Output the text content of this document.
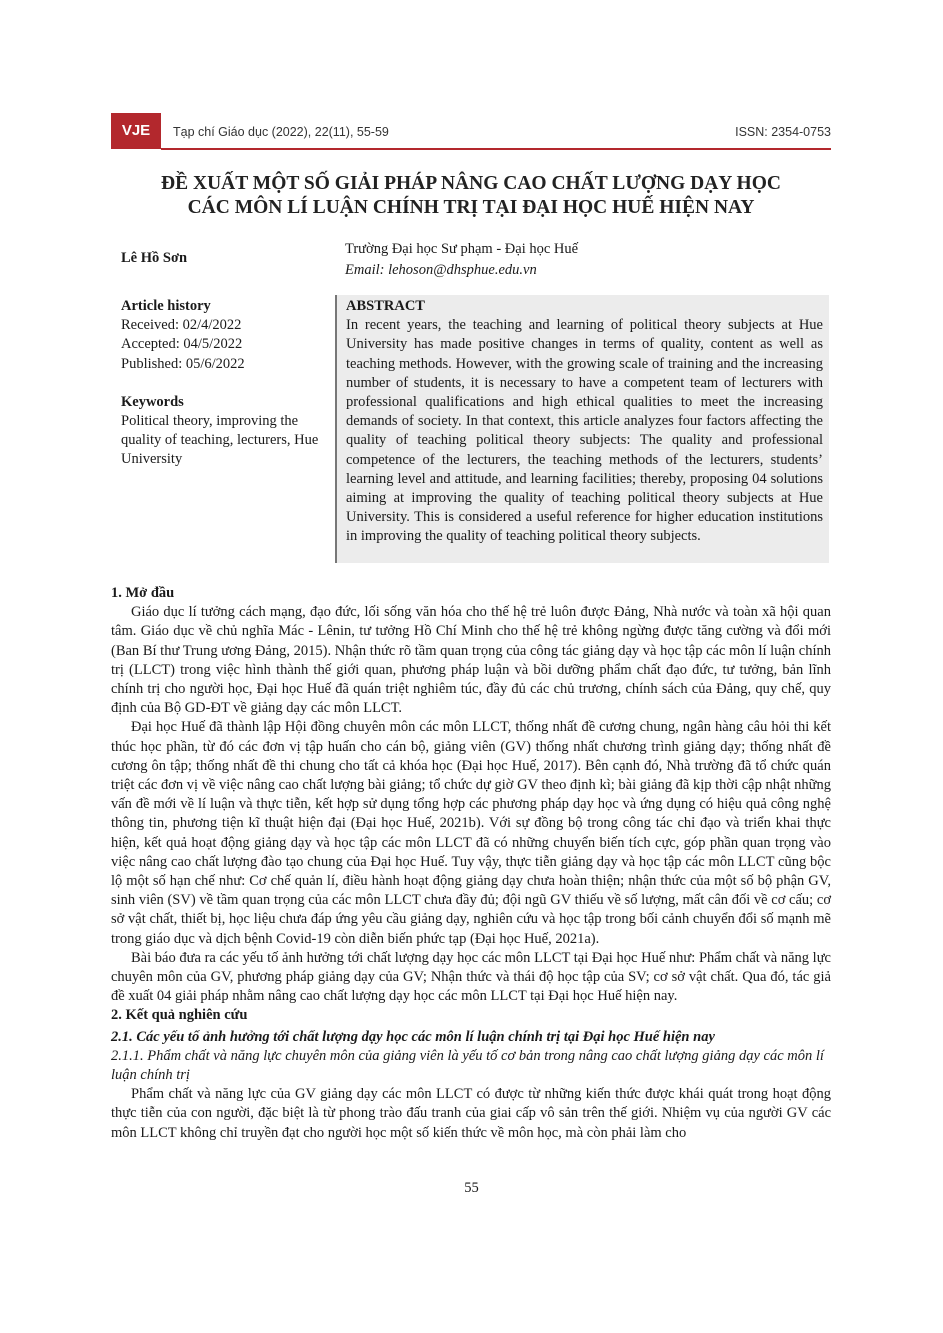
VJE	Tạp chí Giáo dục (2022), 22(11), 55-59	ISSN: 2354-0753
ĐỀ XUẤT MỘT SỐ GIẢI PHÁP NÂNG CAO CHẤT LƯỢNG DẠY HỌC
CÁC MÔN LÍ LUẬN CHÍNH TRỊ TẠI ĐẠI HỌC HUẾ HIỆN NAY
Lê Hồ Sơn
Trường Đại học Sư phạm - Đại học Huế
Email: lehoson@dhsphue.edu.vn
Article history
Received: 02/4/2022
Accepted: 04/5/2022
Published: 05/6/2022
Keywords
Political theory, improving the quality of teaching, lecturers, Hue University
ABSTRACT

In recent years, the teaching and learning of political theory subjects at Hue University has made positive changes in terms of quality, content as well as teaching methods. However, with the growing scale of training and the increasing number of students, it is necessary to have a competent team of lecturers with professional qualifications and high ethical qualities to meet the increasing demands of society. In that context, this article analyzes four factors affecting the quality of teaching political theory subjects: The quality and professional competence of the lecturers, the teaching methods of the lecturers, students’ learning level and attitude, and learning facilities; thereby, proposing 04 solutions aiming at improving the quality of teaching political theory subjects at Hue University. This is considered a useful reference for higher education institutions in improving the quality of teaching political theory subjects.

1. Mở đầu

Giáo dục lí tưởng cách mạng, đạo đức, lối sống văn hóa cho thế hệ trẻ luôn được Đảng, Nhà nước và toàn xã hội quan tâm. Giáo dục về chủ nghĩa Mác - Lênin, tư tưởng Hồ Chí Minh cho thế hệ trẻ không ngừng được tăng cường và đổi mới (Ban Bí thư Trung ương Đảng, 2015). Nhận thức rõ tầm quan trọng của công tác giảng dạy và học tập các môn lí luận chính trị (LLCT) trong việc hình thành thế giới quan, phương pháp luận và bồi dưỡng phẩm chất đạo đức, tư tưởng, bản lĩnh chính trị cho người học, Đại học Huế đã quán triệt nghiêm túc, đầy đủ các chủ trương, chính sách của Đảng, quy chế, quy định của Bộ GD-ĐT về giảng dạy các môn LLCT.

Đại học Huế đã thành lập Hội đồng chuyên môn các môn LLCT, thống nhất đề cương chung, ngân hàng câu hỏi thi kết thúc học phần, từ đó các đơn vị tập huấn cho cán bộ, giảng viên (GV) thống nhất chương trình giảng dạy; thống nhất đề cương ôn tập; thống nhất đề thi chung cho tất cả khóa học (Đại học Huế, 2017). Bên cạnh đó, Nhà trường đã tổ chức quán triệt các đơn vị về việc nâng cao chất lượng bài giảng; tổ chức dự giờ GV theo định kì; bài giảng đã kịp thời cập nhật những vấn đề mới về lí luận và thực tiễn, kết hợp sử dụng tổng hợp các phương pháp dạy học và ứng dụng có hiệu quả công nghệ thông tin, phương tiện kĩ thuật hiện đại (Đại học Huế, 2021b). Với sự đồng bộ trong công tác chỉ đạo và triển khai thực hiện, kết quả hoạt động giảng dạy và học tập các môn LLCT đã có những chuyển biến tích cực, góp phần quan trọng vào việc nâng cao chất lượng đào tạo chung của Đại học Huế. Tuy vậy, thực tiễn giảng dạy và học tập các môn LLCT cũng bộc lộ một số hạn chế như: Cơ chế quản lí, điều hành hoạt động giảng dạy chưa hoàn thiện; nhận thức của một số bộ phận GV, sinh viên (SV) về tầm quan trọng của các môn LLCT chưa đầy đủ; đội ngũ GV thiếu về số lượng, mất cân đối về cơ cấu; cơ sở vật chất, thiết bị, học liệu chưa đáp ứng yêu cầu giảng dạy, nghiên cứu và học tập trong bối cảnh chuyển đổi số mạnh mẽ trong giáo dục và dịch bệnh Covid-19 còn diễn biến phức tạp (Đại học Huế, 2021a).

Bài báo đưa ra các yếu tố ảnh hưởng tới chất lượng dạy học các môn LLCT tại Đại học Huế như: Phẩm chất và năng lực chuyên môn của GV, phương pháp giảng dạy của GV; Nhận thức và thái độ học tập của SV; cơ sở vật chất. Qua đó, tác giả đề xuất 04 giải pháp nhằm nâng cao chất lượng dạy học các môn LLCT tại Đại học Huế hiện nay.

2. Kết quả nghiên cứu
2.1. Các yếu tố ảnh hưởng tới chất lượng dạy học các môn lí luận chính trị tại Đại học Huế hiện nay
2.1.1. Phẩm chất và năng lực chuyên môn của giảng viên là yếu tố cơ bản trong nâng cao chất lượng giảng dạy các môn lí luận chính trị

Phẩm chất và năng lực của GV giảng dạy các môn LLCT có được từ những kiến thức được khái quát trong hoạt động thực tiễn của con người, đặc biệt là từ phong trào đấu tranh của giai cấp vô sản trên thế giới. Nhiệm vụ của người GV các môn LLCT không chỉ truyền đạt cho người học một số kiến thức về môn học, mà còn phải làm cho

55
